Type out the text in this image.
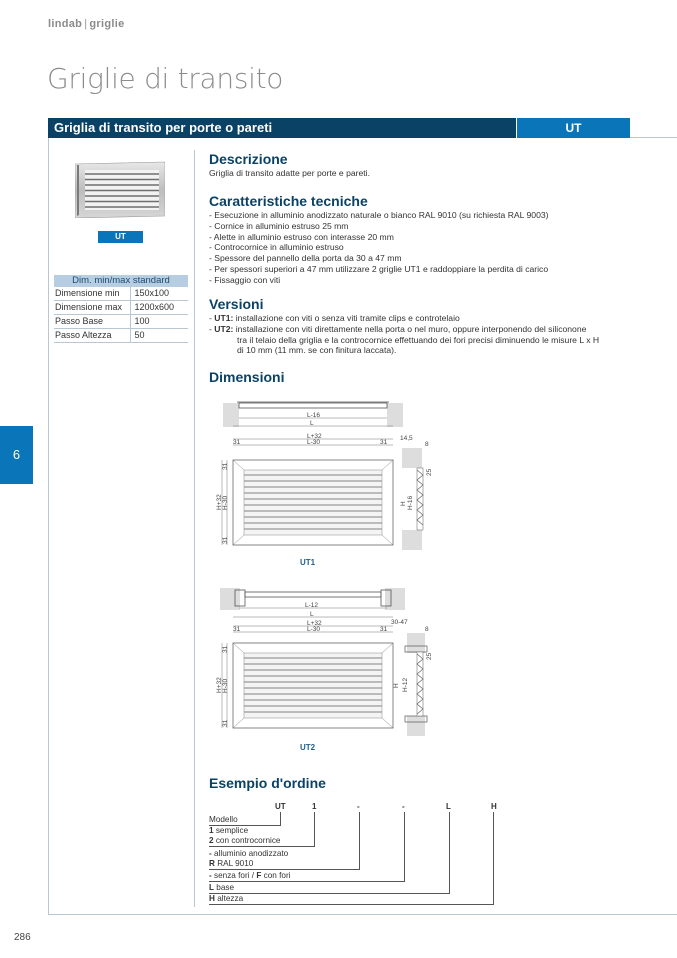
lindab | griglie
Griglie di transito
Griglia di transito per porte o pareti	UT
6
UT
Dim. min/max standard	
Dimensione min	150x100
Dimensione max	1200x600
Passo Base	100
Passo Altezza	50
Descrizione
Griglia di transito adatte per porte e pareti.
Caratteristiche tecniche
- Esecuzione in alluminio anodizzato naturale o bianco RAL 9010 (su richiesta RAL 9003)
- Cornice in alluminio estruso 25 mm
- Alette in alluminio estruso con interasse 20 mm
- Controcornice in alluminio estruso
- Spessore del pannello della porta da 30 a 47 mm
- Per spessori superiori a 47 mm utilizzare 2 griglie UT1 e raddoppiare la perdita di carico
- Fissaggio con viti
Versioni
- UT1: installazione con viti o senza viti tramite clips e controtelaio
- UT2: installazione con viti direttamente nella porta o nel muro, oppure interponendo del siliconone
tra il telaio della griglia e la controcornice effettuando dei fori precisi diminuendo le misure L x H
di 10 mm (11 mm. se con finitura laccata).
Dimensioni
L-16
L
L+32
L-30
31	31
H+32 H-30
31
31
14,5
8
25
H H-16
UT1
L-12
L
L+32
L-30
31	31
H+32 H-30
31
31
30-47
8
25
H H-12
UT2
Esempio d'ordine
UT	1	-	-	L	H
Modello
1 semplice
2 con controcornice
- alluminio anodizzato
R RAL 9010
- senza fori / F con fori
L base
H altezza
286
